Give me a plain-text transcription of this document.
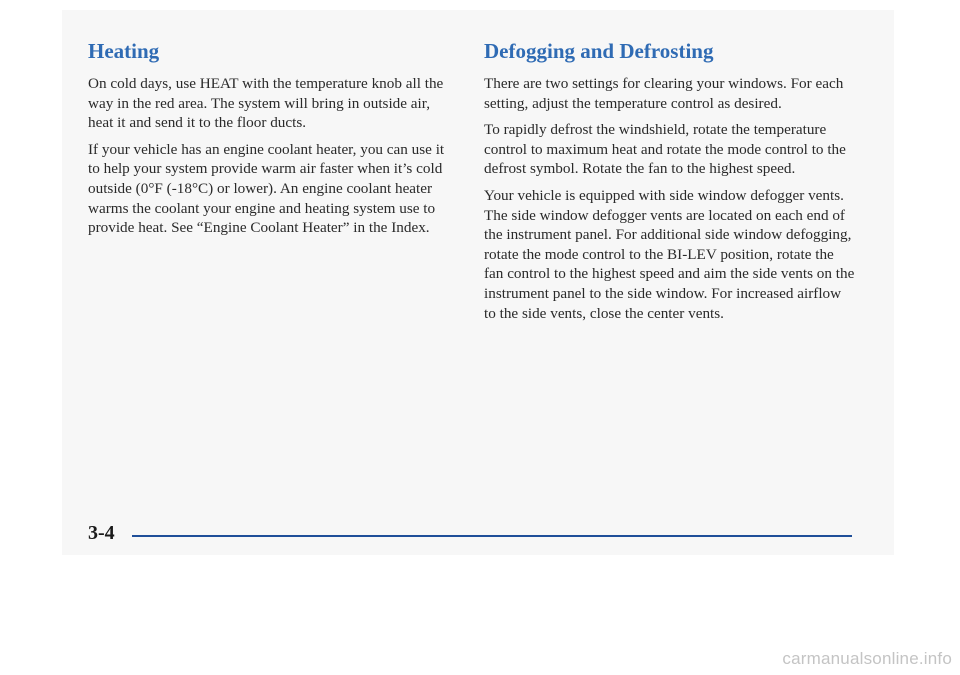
Heating

On cold days, use HEAT with the temperature knob all the way in the red area. The system will bring in outside air, heat it and send it to the floor ducts.

If your vehicle has an engine coolant heater, you can use it to help your system provide warm air faster when it’s cold outside (0°F (-18°C) or lower). An engine coolant heater warms the coolant your engine and heating system use to provide heat. See “Engine Coolant Heater” in the Index.

Defogging and Defrosting

There are two settings for clearing your windows. For each setting, adjust the temperature control as desired.

To rapidly defrost the windshield, rotate the temperature control to maximum heat and rotate the mode control to the defrost symbol. Rotate the fan to the highest speed.

Your vehicle is equipped with side window defogger vents. The side window defogger vents are located on each end of the instrument panel. For additional side window defogging, rotate the mode control to the BI-LEV position, rotate the fan control to the highest speed and aim the side vents on the instrument panel to the side window. For increased airflow to the side vents, close the center vents.

3-4
carmanualsonline.info
